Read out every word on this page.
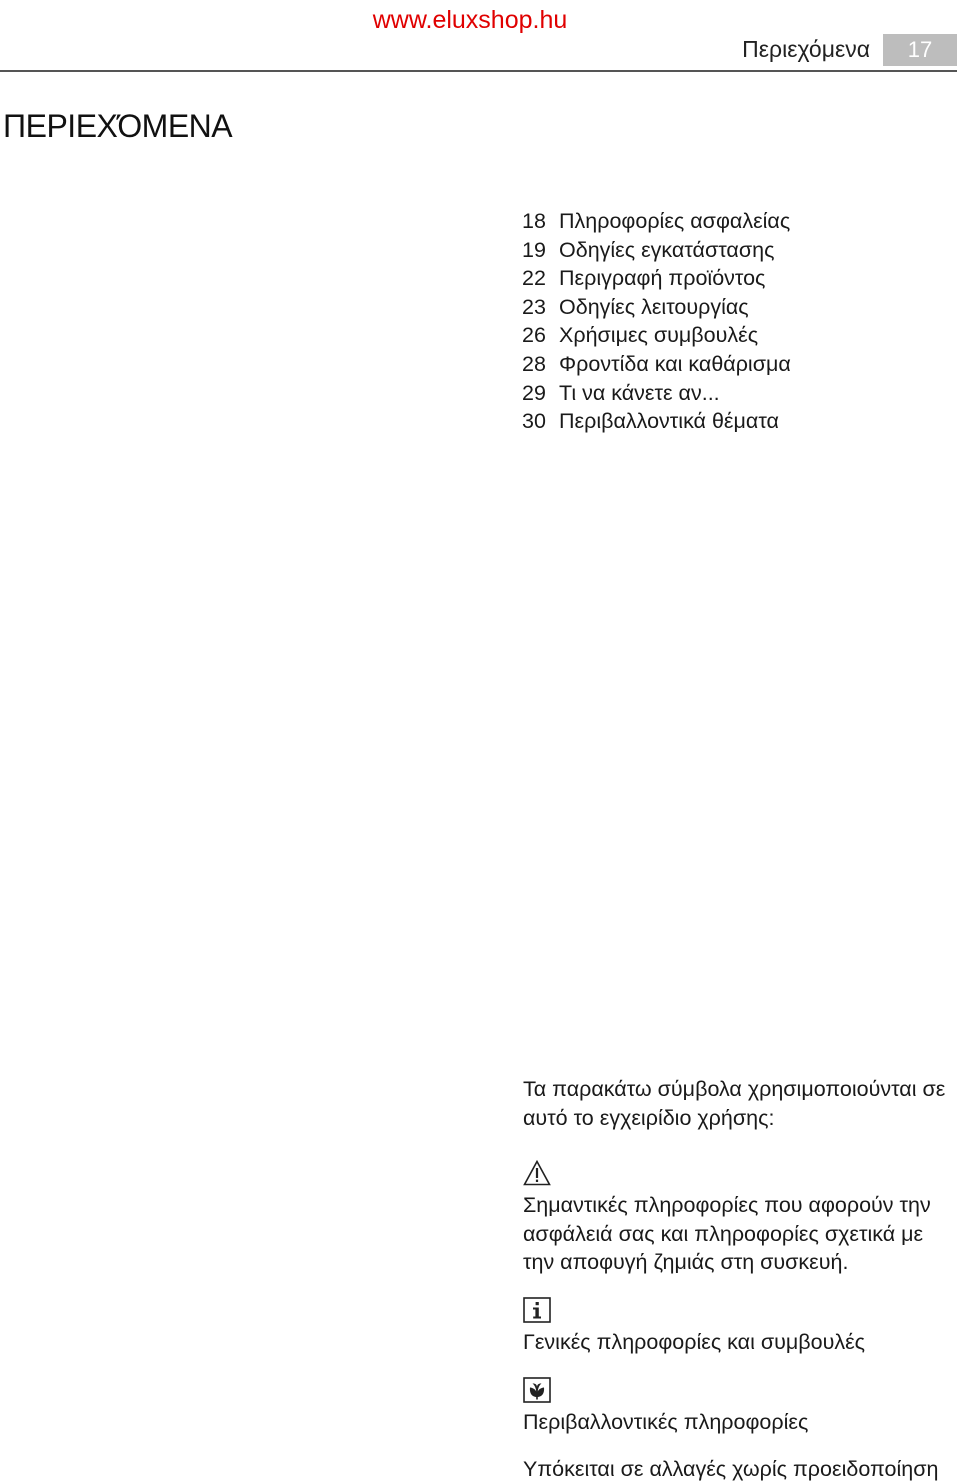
www.eluxshop.hu
Περιεχόμενα	17
ΠΕΡΙΕΧΌΜΕΝΑ
18 Πληροφορίες ασφαλείας
19 Οδηγίες εγκατάστασης
22 Περιγραφή προϊόντος
23 Οδηγίες λειτουργίας
26 Χρήσιμες συμβουλές
28 Φροντίδα και καθάρισμα
29 Τι να κάνετε αν...
30 Περιβαλλοντικά θέματα
Τα παρακάτω σύμβολα χρησιμοποιούνται σε αυτό το εγχειρίδιο χρήσης:
Σημαντικές πληροφορίες που αφορούν την ασφάλειά σας και πληροφορίες σχετικά με την αποφυγή ζημιάς στη συσκευή.
Γενικές πληροφορίες και συμβουλές
Περιβαλλοντικές πληροφορίες
Υπόκειται σε αλλαγές χωρίς προειδοποίηση
